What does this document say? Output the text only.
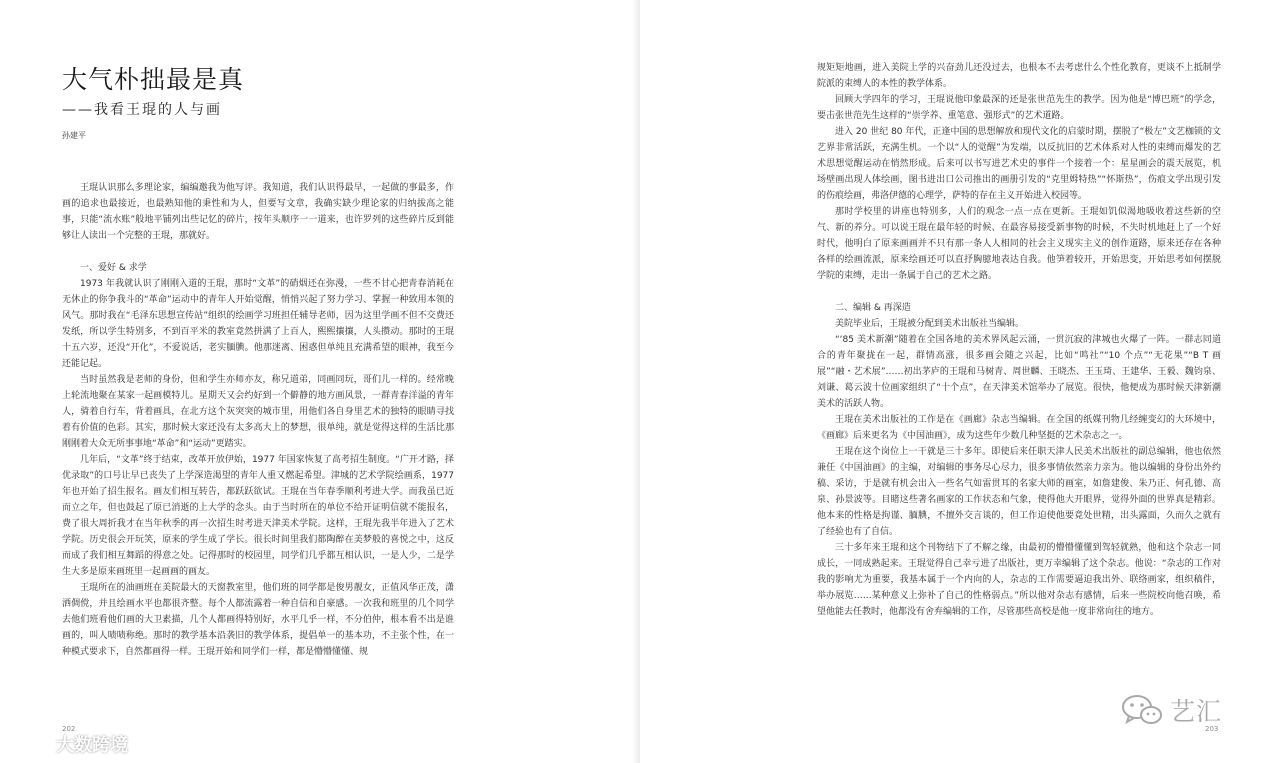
大气朴拙最是真
——我看王琨的人与画
孙建平

王琨认识那么多理论家，编编邀我为他写评。我知道，我们认识得最早，一起做的事最多，作画的追求也最接近，也最熟知他的秉性和为人，但要写文章，我确实缺少理论家的归纳拔高之能事，只能“流水账”般地平铺列出些记忆的碎片，按年头顺序一一道来，也许罗列的这些碎片反到能够让人读出一个完整的王琨，那就好。

一、爱好 & 求学

1973 年我就认识了刚刚入道的王琨，那时“文革”的硝烟还在弥漫，一些不甘心把青春消耗在无休止的你争我斗的“革命”运动中的青年人开始觉醒，悄悄兴起了努力学习、掌握一种致用本领的风气。那时我在“毛泽东思想宣传站”组织的绘画学习班担任辅导老师，因为这里学画不但不交费还发纸，所以学生特别多，不到百平米的教室竟然拼满了上百人，熙熙攘攘，人头攒动。那时的王琨十五六岁，还没“开化”，不爱说话，老实腼腆。他那迷离、困惑但单纯且充满希望的眼神，我至今还能记起。

当时虽然我是老师的身份，但和学生亦师亦友，称兄道弟，同画同玩，哥们儿一样的。经常晚上轮流地聚在某家一起画模特儿。星期天又会约好到一个僻静的地方画风景，一群青春洋溢的青年人，骑着自行车，背着画具，在北方这个灰突突的城市里，用他们各自身里艺术的独特的眼睛寻找着有价值的色彩。其实，那时候大家还没有太多高大上的梦想，很单纯，就是觉得这样的生活比那刚刚着大众无所事事地“革命”和“运动”更踏实。

几年后，“文革”终于结束，改革开放伊始，1977 年国家恢复了高考招生制度。“广开才路，择优录取”的口号让早已丧失了上学深造渴望的青年人重又燃起希望。津城的艺术学院绘画系，1977 年也开始了招生报名。画友们相互转告，都跃跃欲试。王琨在当年春季顺利考进大学。而我虽已近而立之年，但也鼓起了原已消逝的上大学的念头。由于当时所在的单位不给开证明信就不能报名，费了很大周折我才在当年秋季的再一次招生时考进天津美术学院。这样，王琨先我半年进入了艺术学院。历史很会开玩笑，原来的学生成了学长。很长时间里我们都陶醉在美梦般的喜悦之中，这反而成了我们相互舞蹈的得意之处。记得那时的校园里，同学们几乎都互相认识，一是人少，二是学生大多是原来画班里一起画画的画友。

王琨所在的油画班在美院最大的天窗教室里，他们班的同学都是俊男靓女，正值风华正茂，潇洒倜傥，并且绘画水平也都很齐整。每个人都流露着一种自信和自豪感。一次我和班里的几个同学去他们班看他们画的大卫素描，几个人都画得特别好，水平几乎一样，不分伯仲，根本看不出是谁画的，叫人啧啧称绝。那时的教学基本沿袭旧的教学体系，提倡单一的基本功，不主张个性，在一种模式要求下，自然都画得一样。王琨开始和同学们一样，都是懵懵懂懂、规

202

规矩矩地画，进入美院上学的兴奋劲儿还没过去，也根本不去考虑什么个性化教育，更谈不上抵制学院派的束缚人的本性的教学体系。

回顾大学四年的学习，王琨说他印象最深的还是张世范先生的教学。因为他是“博巴班”的学念，要击张世范先生这样的“崇学养、重笔意、强形式”的艺术道路。

进入 20 世纪 80 年代，正逢中国的思想解放和现代文化的启蒙时期，摆脱了“极左”文艺枷锁的文艺界非常活跃，充满生机。一个以“人的觉醒”为发端，以反抗旧的艺术体系对人性的束缚而爆发的艺术思想觉醒运动在悄然形成。后来可以书写进艺术史的事件一个接着一个：星星画会的震天展览，机场壁画出现人体绘画，图书进出口公司推出的画册引发的“克里姆特热”“怀斯热”，伤痕文学出现引发的伤痕绘画，弗洛伊德的心理学，萨特的存在主义开始进入校园等。

那时学校里的讲座也特别多，人们的观念一点一点在更新。王琨如饥似渴地吸收着这些新的空气、新的养分。可以说王琨在最年轻的时候、在最容易接受新事物的时候，不失时机地赶上了一个好时代，他明白了原来画画并不只有那一条人人相同的社会主义现实主义的创作道路，原来还存在各种各样的绘画流派，原来绘画还可以直抒胸臆地表达自我。他笋着较开，开始思变，开始思考如何摆脱学院的束缚，走出一条属于自己的艺术之路。

二、编辑 & 再深造

美院毕业后，王琨被分配到美术出版社当编辑。

“‘85 美术新潮”随着在全国各地的美术界风起云涌，一贯沉寂的津城也火爆了一阵。一群志同道合的青年聚拢在一起，群情高涨，很多画会随之兴起，比如“鸣社”“10 个点”“无花果”“B T 画展”“融・艺术展”……初出茅庐的王琨和马树青、周世麟、王晓杰、王玉琦、王建华、王毅、魏钧泉、刘谦、葛云波十位画家组织了“十个点”，在天津美术馆举办了展览。很快，他便成为那时候天津新潮美术的活跃人物。

王琨在美术出版社的工作是在《画廊》杂志当编辑。在全国的纸媒刊物几经缠变幻的大环境中，《画廊》后来更名为《中国油画》，成为这些年少数几种坚挺的艺术杂志之一。

王琨在这个岗位上一干就是三十多年。即使后来任职天津人民美术出版社的副总编辑，他也依然兼任《中国油画》的主编，对编辑的事务尽心尽力，很多事情依然亲力亲为。他以编辑的身份出外约稿、采访，于是就有机会出入一些名气如雷贯耳的名家大师的画室，如詹建俊、朱乃正、何孔德、高泉、孙景波等。目睹这些著名画家的工作状态和气象，使得他大开眼界，觉得外面的世界真是精彩。他本来的性格是拘谨、腼腆，不擅外交言谈的，但工作迫使他要竟处世精，出头露面，久而久之就有了经验也有了自信。

三十多年来王琨和这个刊物结下了不解之缘，由最初的懵懵懂懂到驾轻就熟，他和这个杂志一同成长，一同成熟起来。王琨觉得自己幸亏进了出版社，更万幸编辑了这个杂志。他说：“杂志的工作对我的影响尤为重要，我基本属于一个内向的人，杂志的工作需要逼迫我出外、联络画家，组织稿件，举办展览……某种意义上弥补了自己的性格弱点。”所以他对杂志有感情，后来一些院校向他召唤，希望他能去任教时，他都没有舍弃编辑的工作，尽管那些高校是他一度非常向往的地方。

203
大数跨境
艺汇
